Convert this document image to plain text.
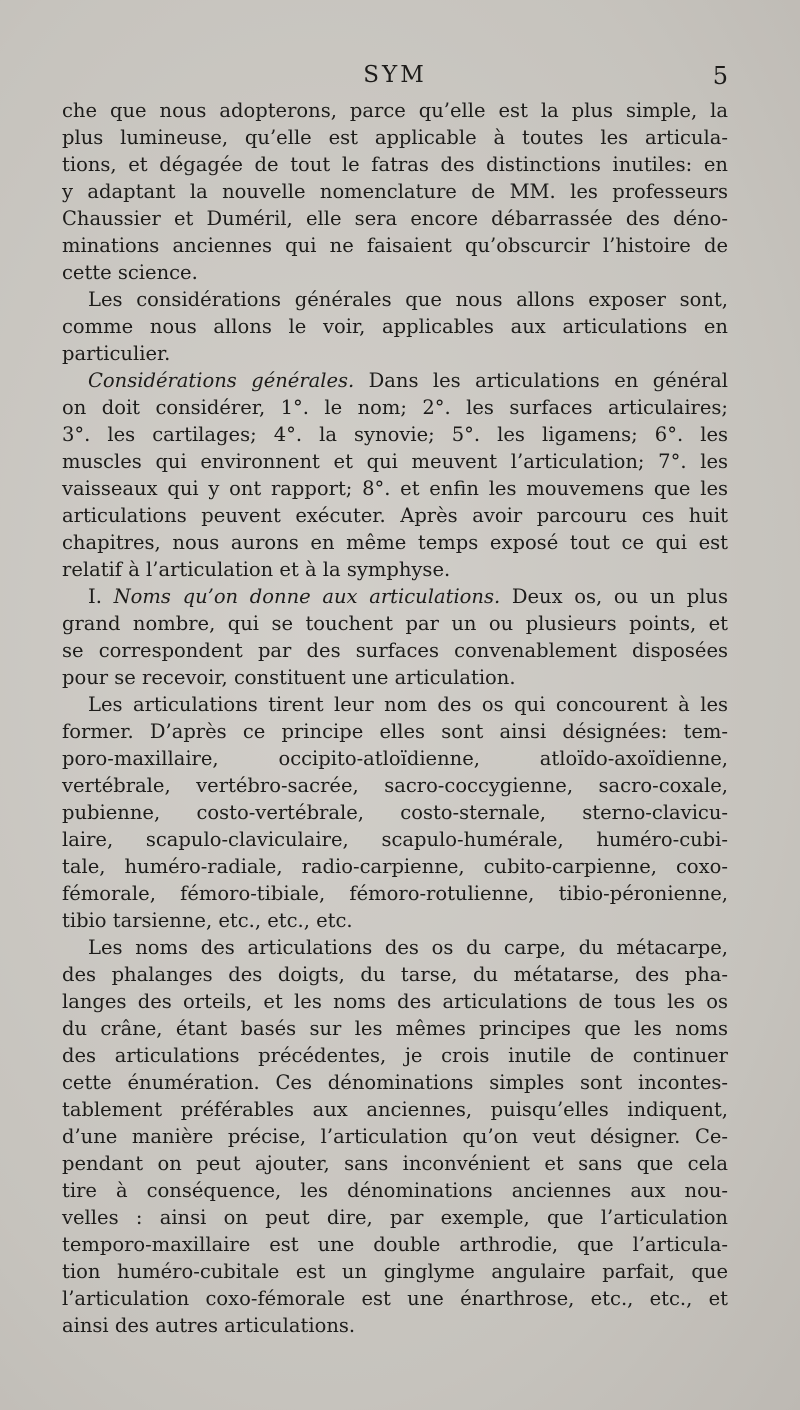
SYM	5
che que nous adopterons, parce qu’elle est la plus simple, la
plus lumineuse, qu’elle est applicable à toutes les articula-
tions, et dégagée de tout le fatras des distinctions inutiles: en
y adaptant la nouvelle nomenclature de MM. les professeurs
Chaussier et Duméril, elle sera encore débarrassée des déno-
minations anciennes qui ne faisaient qu’obscurcir l’histoire de
cette science.
Les considérations générales que nous allons exposer sont,
comme nous allons le voir, applicables aux articulations en
particulier.
Considérations générales. Dans les articulations en général
on doit considérer, 1°. le nom; 2°. les surfaces articulaires;
3°. les cartilages; 4°. la synovie; 5°. les ligamens; 6°. les
muscles qui environnent et qui meuvent l’articulation; 7°. les
vaisseaux qui y ont rapport; 8°. et enfin les mouvemens que les
articulations peuvent exécuter. Après avoir parcouru ces huit
chapitres, nous aurons en même temps exposé tout ce qui est
relatif à l’articulation et à la symphyse.
I. Noms qu’on donne aux articulations. Deux os, ou un plus
grand nombre, qui se touchent par un ou plusieurs points, et
se correspondent par des surfaces convenablement disposées
pour se recevoir, constituent une articulation.
Les articulations tirent leur nom des os qui concourent à les
former. D’après ce principe elles sont ainsi désignées: tem-
poro-maxillaire, occipito-atloïdienne, atloïdo-axoïdienne,
vertébrale, vertébro-sacrée, sacro-coccygienne, sacro-coxale,
pubienne, costo-vertébrale, costo-sternale, sterno-clavicu-
laire, scapulo-claviculaire, scapulo-humérale, huméro-cubi-
tale, huméro-radiale, radio-carpienne, cubito-carpienne, coxo-
fémorale, fémoro-tibiale, fémoro-rotulienne, tibio-péronienne,
tibio tarsienne, etc., etc., etc.
Les noms des articulations des os du carpe, du métacarpe,
des phalanges des doigts, du tarse, du métatarse, des pha-
langes des orteils, et les noms des articulations de tous les os
du crâne, étant basés sur les mêmes principes que les noms
des articulations précédentes, je crois inutile de continuer
cette énumération. Ces dénominations simples sont incontes-
tablement préférables aux anciennes, puisqu’elles indiquent,
d’une manière précise, l’articulation qu’on veut désigner. Ce-
pendant on peut ajouter, sans inconvénient et sans que cela
tire à conséquence, les dénominations anciennes aux nou-
velles : ainsi on peut dire, par exemple, que l’articulation
temporo-maxillaire est une double arthrodie, que l’articula-
tion huméro-cubitale est un ginglyme angulaire parfait, que
l’articulation coxo-fémorale est une énarthrose, etc., etc., et
ainsi des autres articulations.
